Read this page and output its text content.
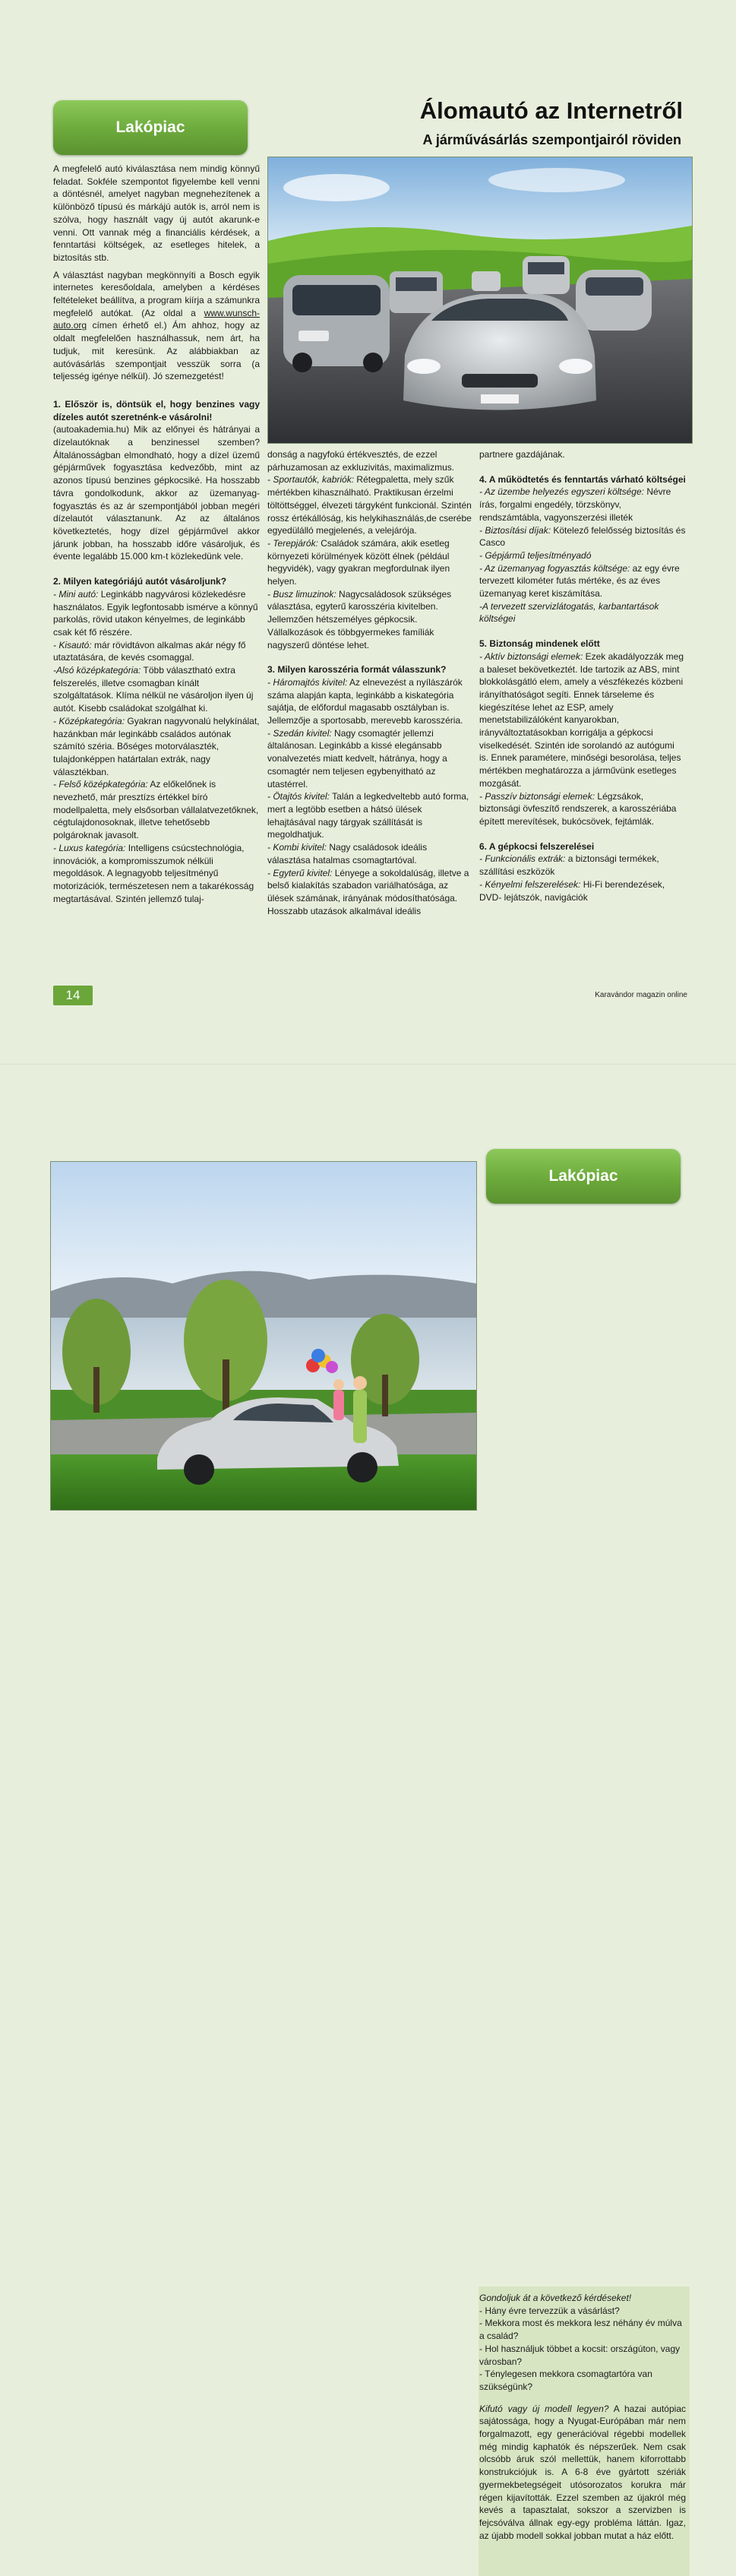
Lakópiac
Álomautó az Internetről
A járművásárlás szempontjairól röviden

A megfelelő autó kiválasztása nem mindig könnyű feladat. Sokféle szempontot figyelembe kell venni a döntésnél, amelyet nagyban megnehezítenek a különböző típusú és márkájú autók is, arról nem is szólva, hogy használt vagy új autót akarunk-e venni. Ott vannak még a financiális kérdések, a fenntartási költségek, az esetleges hitelek, a biztosítás stb.

A választást nagyban megkönnyíti a Bosch egyik internetes keresőoldala, amelyben a kérdéses feltételeket beállítva, a program kiírja a számunkra megfelelő autókat. (Az oldal a www.wunsch-auto.org címen érhető el.) Ám ahhoz, hogy az oldalt megfelelően használhassuk, nem árt, ha tudjuk, mit keresünk. Az alábbiakban az autóvásárlás szempontjait vesszük sorra (a teljesség igénye nélkül). Jó szemezgetést!

1. Először is, döntsük el, hogy benzines vagy dízeles autót szeretnénk-e vásárolni!
(autoakademia.hu) Mik az előnyei és hátrányai a dízelautóknak a benzinessel szemben? Általánosságban elmondható, hogy a dízel üzemű gépjárművek fogyasztása kedvezőbb, mint az azonos típusú benzines gépkocsiké. Ha hosszabb távra gondolkodunk, akkor az üzemanyag-fogyasztás és az ár szempontjából jobban megéri dízelautót választanunk. Az az általános következtetés, hogy dízel gépjárművel akkor járunk jobban, ha hosszabb időre vásároljuk, és évente legalább 15.000 km-t közlekedünk vele.

2. Milyen kategóriájú autót vásároljunk?
- Mini autó: Leginkább nagyvárosi közlekedésre használatos. Egyik legfontosabb ismérve a könnyű parkolás, rövid utakon kényelmes, de leginkább csak két fő részére.
- Kisautó: már rövidtávon alkalmas akár négy fő utaztatására, de kevés csomaggal.
-Alsó középkategória: Több választható extra felszerelés, illetve csomagban kínált szolgáltatások. Klíma nélkül ne vásároljon ilyen új autót. Kisebb családokat szolgálhat ki.
- Középkategória: Gyakran nagyvonalú helykínálat, hazánkban már leginkább családos autónak számító széria. Bőséges motorválaszték, tulajdonképpen határtalan extrák, nagy választékban.
- Felső középkategória: Az előkelőnek is nevezhető, már presztízs értékkel bíró modellpaletta, mely elsősorban vállalatvezetőknek, cégtulajdonosoknak, illetve tehetősebb polgároknak javasolt.
- Luxus kategória: Intelligens csúcstechnológia, innovációk, a kompromisszumok nélküli megoldások. A legnagyobb teljesítményű motorizációk, természetesen nem a takarékosság megtartásával. Szintén jellemző tulaj-
donság a nagyfokú értékvesztés, de ezzel párhuzamosan az exkluzivitás, maximalizmus.
- Sportautók, kabriók: Rétegpaletta, mely szűk mértékben kihasználható. Praktikusan érzelmi töltöttséggel, élvezeti tárgyként funkcionál. Szintén rossz értékállóság, kis helykihasználás,de cserébe egyedülálló megjelenés, a velejárója.
- Terepjárók: Családok számára, akik esetleg környezeti körülmények között élnek (például hegyvidék), vagy gyakran megfordulnak ilyen helyen.
- Busz limuzinok: Nagycsaládosok szükséges választása, egyterű karosszéria kivitelben. Jellemzően hétszemélyes gépkocsik. Vállalkozások és többgyermekes famíliák nagyszerű döntése lehet.
3. Milyen karosszéria formát válasszunk?
- Háromajtós kivitel: Az elnevezést a nyílászárók száma alapján kapta, leginkább a kiskategória sajátja, de előfordul magasabb osztályban is. Jellemzője a sportosabb, merevebb karosszéria.
- Szedán kivitel: Nagy csomagtér jellemzi általánosan. Leginkább a kissé elegánsabb vonalvezetés miatt kedvelt, hátránya, hogy a csomagtér nem teljesen egybenyitható az utastérrel.
- Ötajtós kivitel: Talán a legkedveltebb autó forma, mert a legtöbb esetben a hátsó ülések lehajtásával nagy tárgyak szállítását is megoldhatjuk.
- Kombi kivitel: Nagy családosok ideális választása hatalmas csomagtartóval.
- Egyterű kivitel: Lényege a sokoldalúság, illetve a belső kialakítás szabadon variálhatósága, az ülések számának, irányának módosíthatósága. Hosszabb utazások alkalmával ideális
partnere gazdájának.
4. A működtetés és fenntartás várható költségei
- Az üzembe helyezés egyszeri költsége: Névre írás, forgalmi engedély, törzskönyv, rendszámtábla, vagyonszerzési illeték
- Biztosítási díjak: Kötelező felelősség biztosítás és Casco
- Gépjármű teljesítményadó
- Az üzemanyag fogyasztás költsége: az egy évre tervezett kilométer futás mértéke, és az éves üzemanyag keret kiszámítása.
-A tervezett szervizlátogatás, karbantartások költségei
5. Biztonság mindenek előtt
- Aktív biztonsági elemek: Ezek akadályozzák meg a baleset bekövetkeztét. Ide tartozik az ABS, mint blokkolásgátló elem, amely a vészfékezés közbeni irányíthatóságot segíti. Ennek társeleme és kiegészítése lehet az ESP, amely menetstabilizálóként kanyarokban, irányváltoztatásokban korrigálja a gépkocsi viselkedését. Szintén ide sorolandó az autógumi is. Ennek paramétere, minőségi besorolása, teljes mértékben meghatározza a járművünk esetleges mozgását.
- Passzív biztonsági elemek: Légzsákok, biztonsági övfeszítő rendszerek, a karosszériába épített merevítések, bukócsövek, fejtámlák.
6. A gépkocsi felszerelései
- Funkcionális extrák: a biztonsági termékek, szállítási eszközök
- Kényelmi felszerelések: Hi-Fi berendezések, DVD- lejátszók, navigációk
14	Karavándor magazin online
Lakópiac
Gondoljuk át a következő kérdéseket!
- Hány évre tervezzük a vásárlást?
- Mekkora most és mekkora lesz néhány év múlva a család?
- Hol használjuk többet a kocsit: országúton, vagy városban?
- Ténylegesen mekkora csomagtartóra van szükségünk?
Kifutó vagy új modell legyen? A hazai autópiac sajátossága, hogy a Nyugat-Európában már nem forgalmazott, egy generációval régebbi modellek még mindig kaphatók és népszerűek. Nem csak olcsóbb áruk szól mellettük, hanem kiforrottabb konstrukciójuk is. A 6-8 éve gyártott szériák gyermekbetegségeit utósorozatos korukra már régen kijavították. Ezzel szemben az újakról még kevés a tapasztalat, sokszor a szervizben is fejcsóválva állnak egy-egy probléma láttán. Igaz, az újabb modell sokkal jobban mutat a ház előtt.
